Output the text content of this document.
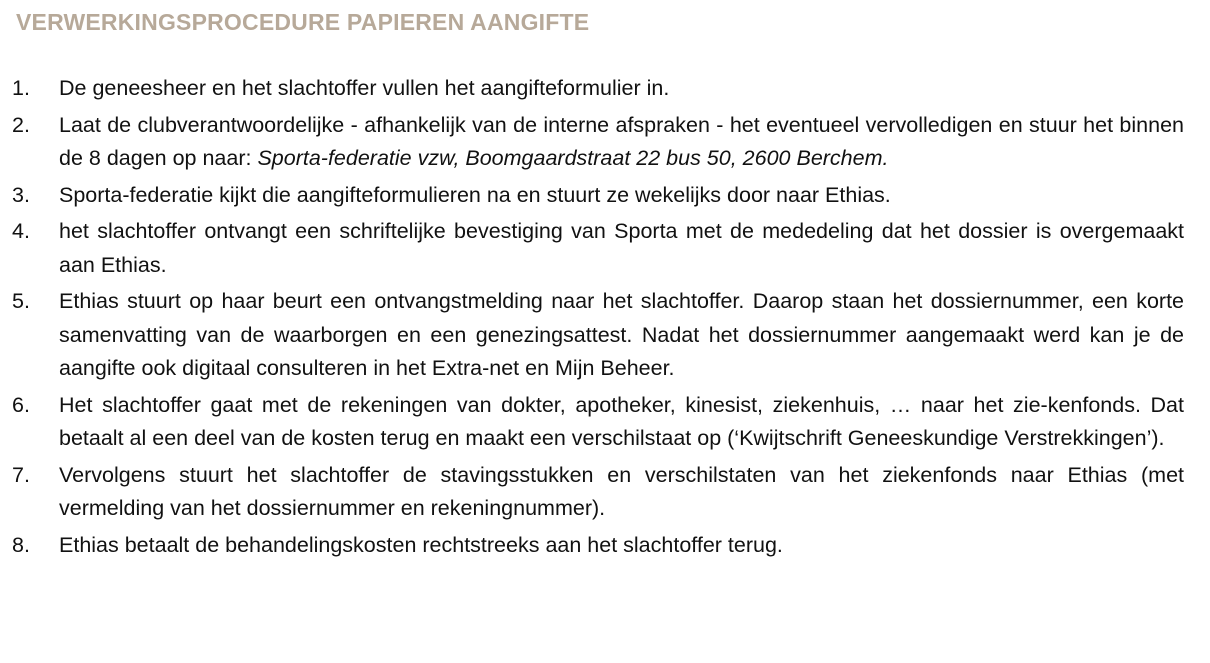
VERWERKINGSPROCEDURE PAPIEREN AANGIFTE
1.	De geneesheer en het slachtoffer vullen het aangifteformulier in.
2.	Laat de clubverantwoordelijke - afhankelijk van de interne afspraken - het eventueel vervolledigen en stuur het binnen de 8 dagen op naar: Sporta-federatie vzw, Boomgaardstraat 22 bus 50, 2600 Berchem.
3.	Sporta-federatie kijkt die aangifteformulieren na en stuurt ze wekelijks door naar Ethias.
4.	het slachtoffer ontvangt een schriftelijke bevestiging van Sporta met de mededeling dat het dossier is overgemaakt aan Ethias.
5.	Ethias stuurt op haar beurt een ontvangstmelding naar het slachtoffer. Daarop staan het dossiernummer, een korte samenvatting van de waarborgen en een genezingsattest. Nadat het dossiernummer aangemaakt werd kan je de aangifte ook digitaal consulteren in het Extra-net en Mijn Beheer.
6.	Het slachtoffer gaat met de rekeningen van dokter, apotheker, kinesist, ziekenhuis, … naar het zie-kenfonds. Dat betaalt al een deel van de kosten terug en maakt een verschilstaat op (‘Kwijtschrift Geneeskundige Verstrekkingen’).
7.	Vervolgens stuurt het slachtoffer de stavingsstukken en verschilstaten van het ziekenfonds naar Ethias (met vermelding van het dossiernummer en rekeningnummer).
8.	Ethias betaalt de behandelingskosten rechtstreeks aan het slachtoffer terug.
